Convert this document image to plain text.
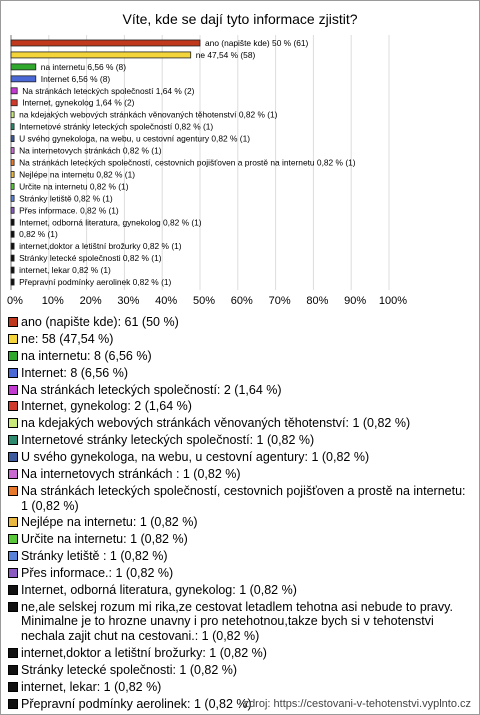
Víte, kde se dají tyto informace zjistit?
0% 10% 20% 30% 40% 50% 60% 70% 80% 90% 100%
ano (napište kde) 50 % (61)
ne 47,54 % (58)
na internetu 6,56 % (8)
Internet 6,56 % (8)
Na stránkách leteckých společností 1,64 % (2)
Internet, gynekolog 1,64 % (2)
na kdejakých webových stránkách věnovaných těhotenství 0,82 % (1)
Internetové stránky leteckých společností 0,82 % (1)
U svého gynekologa, na webu, u cestovní agentury 0,82 % (1)
Na internetovych stránkách 0,82 % (1)
Na stránkách leteckých společností, cestovnich pojišťoven a prostě na internetu 0,82 % (1)
Nejlépe na internetu 0,82 % (1)
Určite na internetu 0,82 % (1)
Stránky letiště 0,82 % (1)
Přes informace. 0,82 % (1)
Internet, odborná literatura, gynekolog 0,82 % (1)
0,82 % (1)
internet,doktor a letištní brožurky 0,82 % (1)
Stránky letecké společnosti 0,82 % (1)
internet, lekar 0,82 % (1)
Přepravní podmínky aerolinek 0,82 % (1)
ano (napište kde): 61 (50 %)
ne: 58 (47,54 %)
na internetu: 8 (6,56 %)
Internet: 8 (6,56 %)
Na stránkách leteckých společností: 2 (1,64 %)
Internet, gynekolog: 2 (1,64 %)
na kdejakých webových stránkách věnovaných těhotenství: 1 (0,82 %)
Internetové stránky leteckých společností: 1 (0,82 %)
U svého gynekologa, na webu, u cestovní agentury: 1 (0,82 %)
Na internetovych stránkách : 1 (0,82 %)
Na stránkách leteckých společností, cestovnich pojišťoven a prostě na internetu: 1 (0,82 %)
Nejlépe na internetu: 1 (0,82 %)
Určite na internetu: 1 (0,82 %)
Stránky letiště : 1 (0,82 %)
Přes informace.: 1 (0,82 %)
Internet, odborná literatura, gynekolog: 1 (0,82 %)
ne,ale selskej rozum mi rika,ze cestovat letadlem tehotna asi nebude to pravy. Minimalne je to hrozne unavny i pro netehotnou,takze bych si v tehotenstvi nechala zajit chut na cestovani.: 1 (0,82 %)
internet,doktor a letištní brožurky: 1 (0,82 %)
Stránky letecké společnosti: 1 (0,82 %)
internet, lekar: 1 (0,82 %)
Přepravní podmínky aerolinek: 1 (0,82 %)
zdroj: https://cestovani-v-tehotenstvi.vyplnto.cz
